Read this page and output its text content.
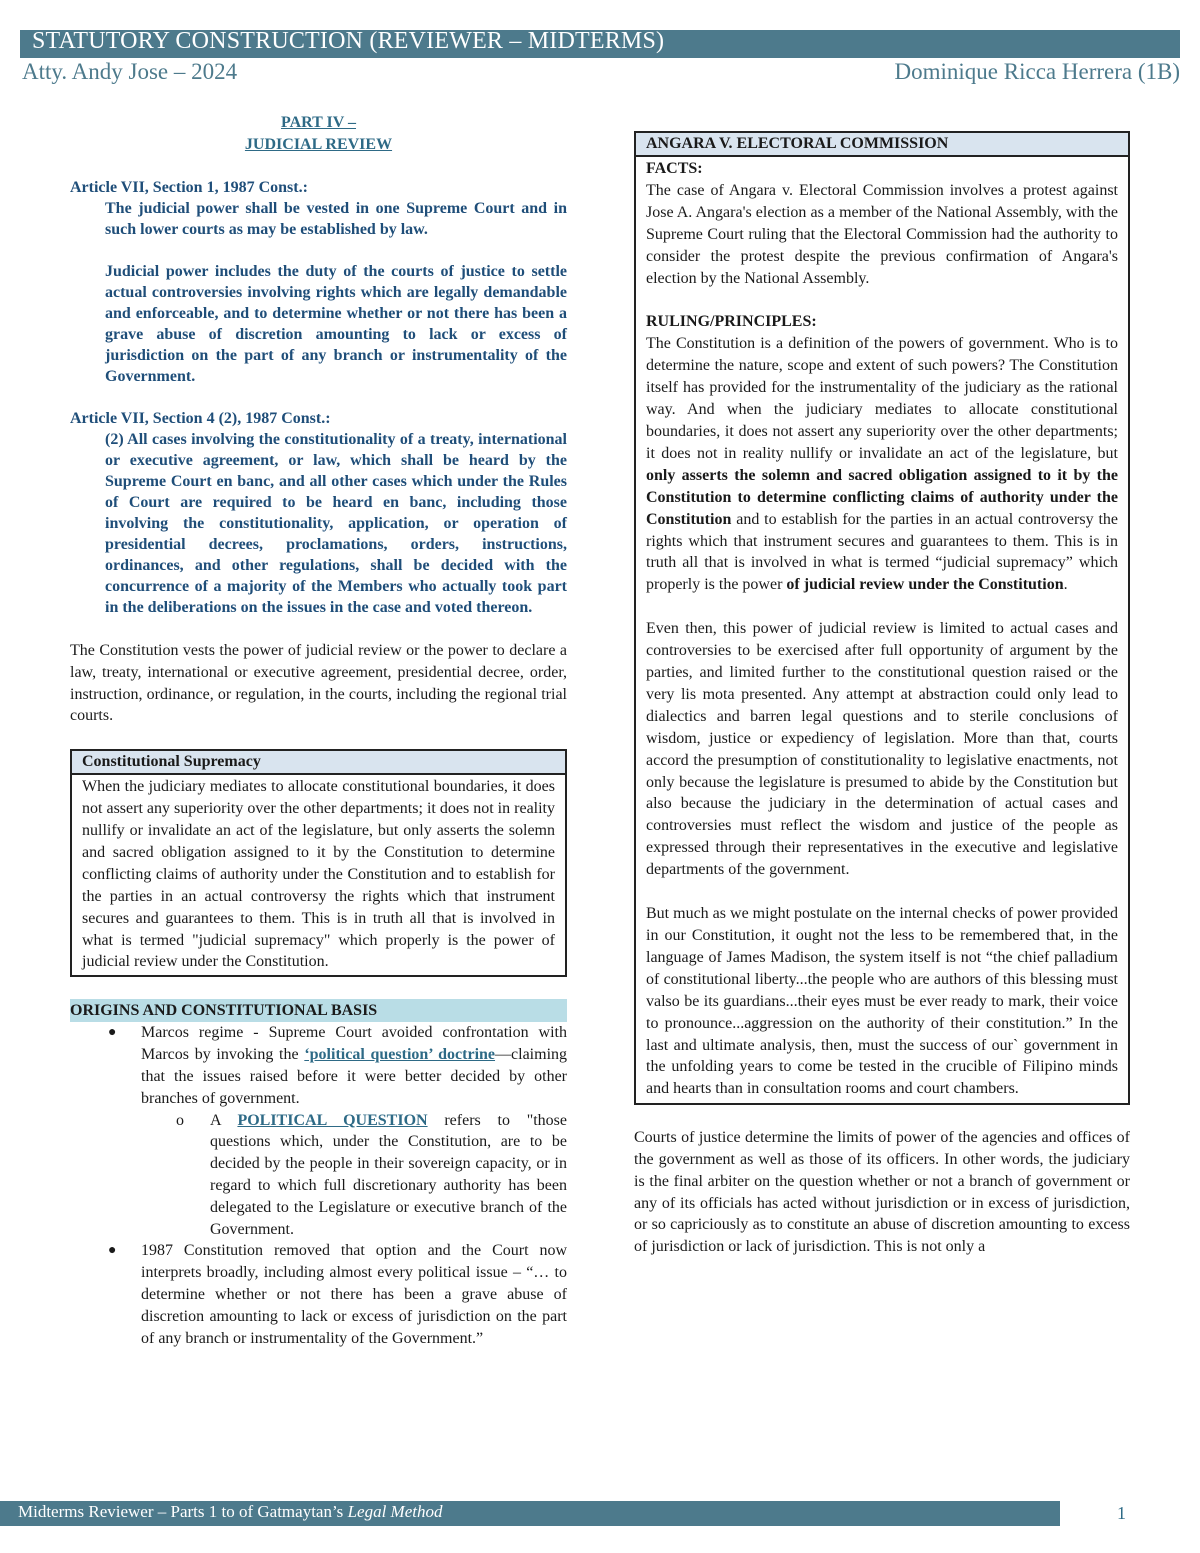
STATUTORY CONSTRUCTION (REVIEWER – MIDTERMS)
Atty. Andy Jose – 2024	Dominique Ricca Herrera (1B)
PART IV –
JUDICIAL REVIEW
Article VII, Section 1, 1987 Const.:
The judicial power shall be vested in one Supreme Court and in such lower courts as may be established by law.
Judicial power includes the duty of the courts of justice to settle actual controversies involving rights which are legally demandable and enforceable, and to determine whether or not there has been a grave abuse of discretion amounting to lack or excess of jurisdiction on the part of any branch or instrumentality of the Government.
Article VII, Section 4 (2), 1987 Const.:
(2) All cases involving the constitutionality of a treaty, international or executive agreement, or law, which shall be heard by the Supreme Court en banc, and all other cases which under the Rules of Court are required to be heard en banc, including those involving the constitutionality, application, or operation of presidential decrees, proclamations, orders, instructions, ordinances, and other regulations, shall be decided with the concurrence of a majority of the Members who actually took part in the deliberations on the issues in the case and voted thereon.
The Constitution vests the power of judicial review or the power to declare a law, treaty, international or executive agreement, presidential decree, order, instruction, ordinance, or regulation, in the courts, including the regional trial courts.
Constitutional Supremacy
When the judiciary mediates to allocate constitutional boundaries, it does not assert any superiority over the other departments; it does not in reality nullify or invalidate an act of the legislature, but only asserts the solemn and sacred obligation assigned to it by the Constitution to determine conflicting claims of authority under the Constitution and to establish for the parties in an actual controversy the rights which that instrument secures and guarantees to them. This is in truth all that is involved in what is termed "judicial supremacy" which properly is the power of judicial review under the Constitution.
ORIGINS AND CONSTITUTIONAL BASIS
● Marcos regime - Supreme Court avoided confrontation with Marcos by invoking the ‘political question’ doctrine—claiming that the issues raised before it were better decided by other branches of government.
o A POLITICAL QUESTION refers to "those questions which, under the Constitution, are to be decided by the people in their sovereign capacity, or in regard to which full discretionary authority has been delegated to the Legislature or executive branch of the Government.
● 1987 Constitution removed that option and the Court now interprets broadly, including almost every political issue – “… to determine whether or not there has been a grave abuse of discretion amounting to lack or excess of jurisdiction on the part of any branch or instrumentality of the Government.”
ANGARA V. ELECTORAL COMMISSION
FACTS:
The case of Angara v. Electoral Commission involves a protest against Jose A. Angara's election as a member of the National Assembly, with the Supreme Court ruling that the Electoral Commission had the authority to consider the protest despite the previous confirmation of Angara's election by the National Assembly.
RULING/PRINCIPLES:
The Constitution is a definition of the powers of government. Who is to determine the nature, scope and extent of such powers? The Constitution itself has provided for the instrumentality of the judiciary as the rational way. And when the judiciary mediates to allocate constitutional boundaries, it does not assert any superiority over the other departments; it does not in reality nullify or invalidate an act of the legislature, but only asserts the solemn and sacred obligation assigned to it by the Constitution to determine conflicting claims of authority under the Constitution and to establish for the parties in an actual controversy the rights which that instrument secures and guarantees to them. This is in truth all that is involved in what is termed “judicial supremacy” which properly is the power of judicial review under the Constitution.
Even then, this power of judicial review is limited to actual cases and controversies to be exercised after full opportunity of argument by the parties, and limited further to the constitutional question raised or the very lis mota presented. Any attempt at abstraction could only lead to dialectics and barren legal questions and to sterile conclusions of wisdom, justice or expediency of legislation. More than that, courts accord the presumption of constitutionality to legislative enactments, not only because the legislature is presumed to abide by the Constitution but also because the judiciary in the determination of actual cases and controversies must reflect the wisdom and justice of the people as expressed through their representatives in the executive and legislative departments of the government.
But much as we might postulate on the internal checks of power provided in our Constitution, it ought not the less to be remembered that, in the language of James Madison, the system itself is not “the chief palladium of constitutional liberty...the people who are authors of this blessing must valso be its guardians...their eyes must be ever ready to mark, their voice to pronounce...aggression on the authority of their constitution.” In the last and ultimate analysis, then, must the success of our` government in the unfolding years to come be tested in the crucible of Filipino minds and hearts than in consultation rooms and court chambers.
Courts of justice determine the limits of power of the agencies and offices of the government as well as those of its officers. In other words, the judiciary is the final arbiter on the question whether or not a branch of government or any of its officials has acted without jurisdiction or in excess of jurisdiction, or so capriciously as to constitute an abuse of discretion amounting to excess of jurisdiction or lack of jurisdiction. This is not only a
Midterms Reviewer – Parts 1 to of Gatmaytan’s Legal Method	1
